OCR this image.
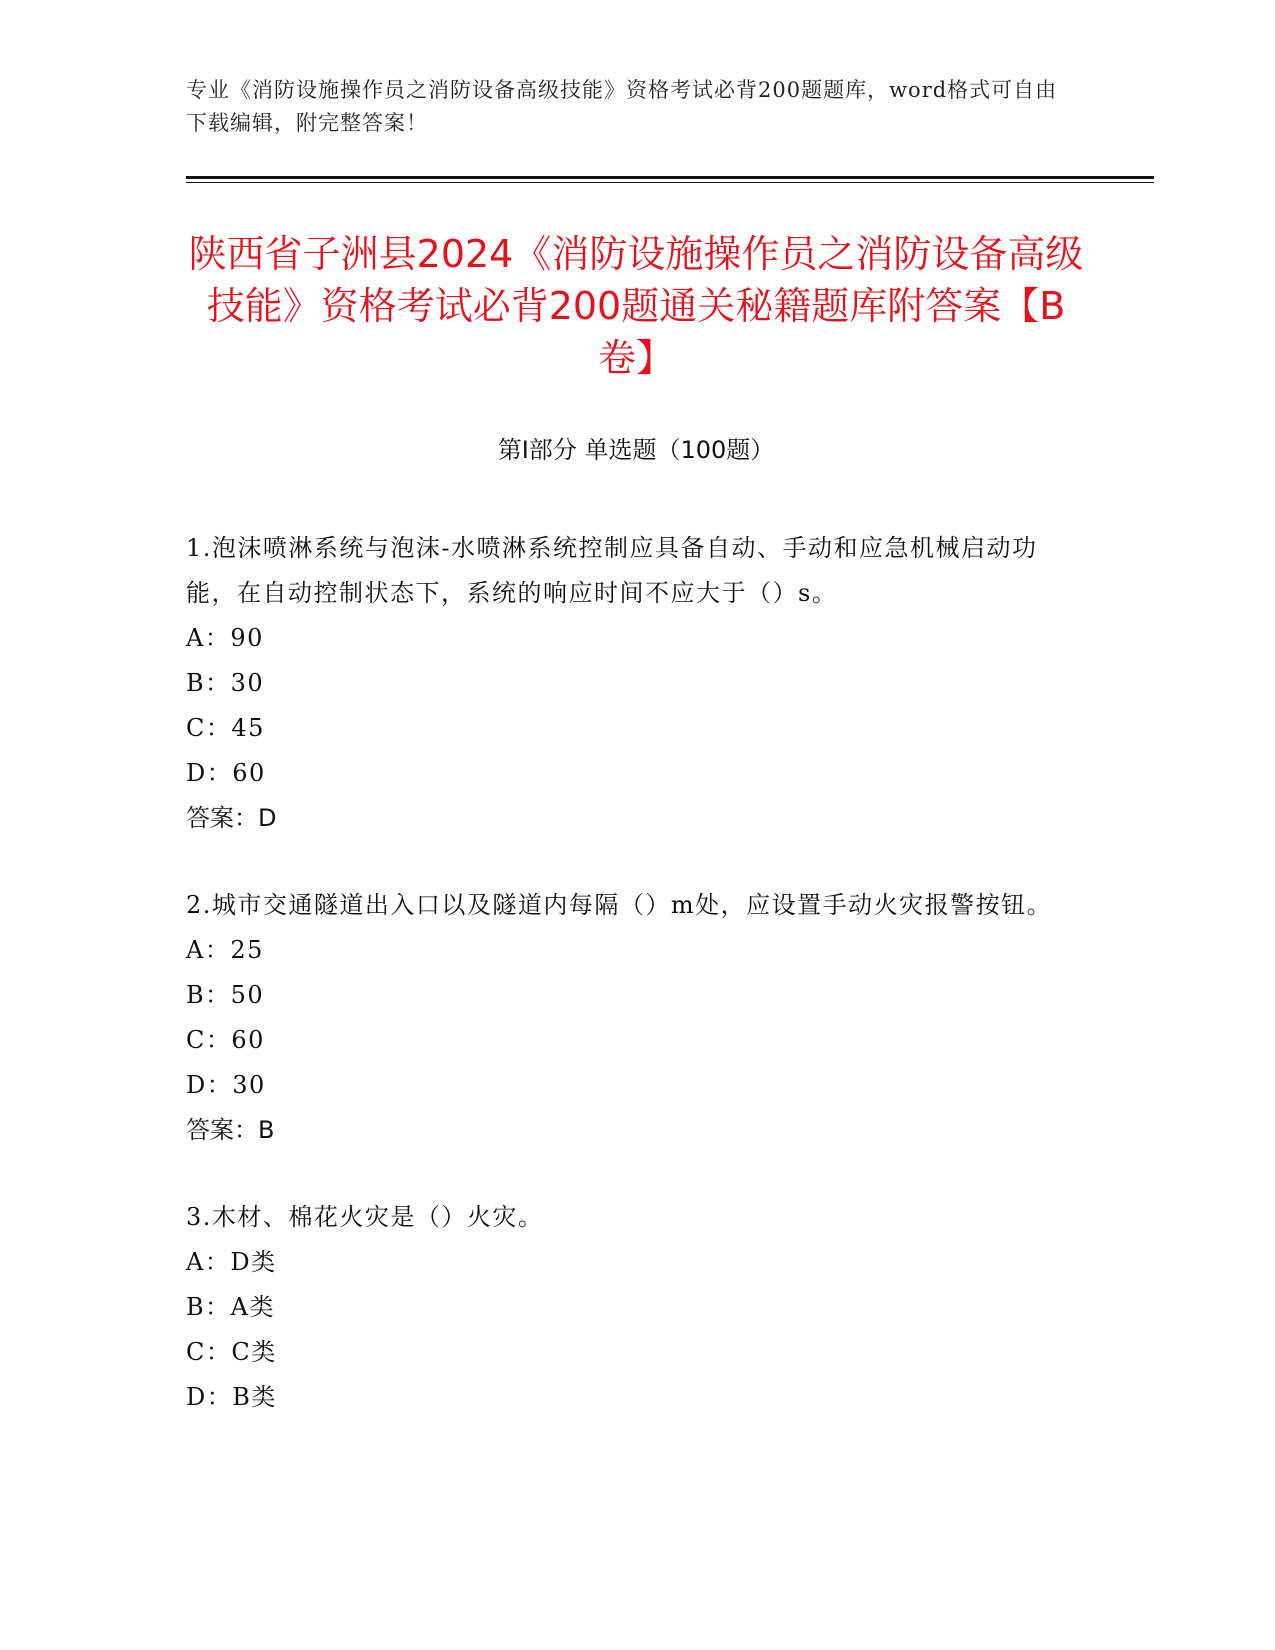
专业《消防设施操作员之消防设备高级技能》资格考试必背200题题库，word格式可自由下载编辑，附完整答案！
陕西省子洲县2024《消防设施操作员之消防设备高级技能》资格考试必背200题通关秘籍题库附答案【B卷】
第Ⅰ部分 单选题（100题）
1.泡沫喷淋系统与泡沫-水喷淋系统控制应具备自动、手动和应急机械启动功能，在自动控制状态下，系统的响应时间不应大于（）s。
A：90
B：30
C：45
D：60
答案：D
2.城市交通隧道出入口以及隧道内每隔（）m处，应设置手动火灾报警按钮。
A：25
B：50
C：60
D：30
答案：B
3.木材、棉花火灾是（）火灾。
A：D类
B：A类
C：C类
D：B类
